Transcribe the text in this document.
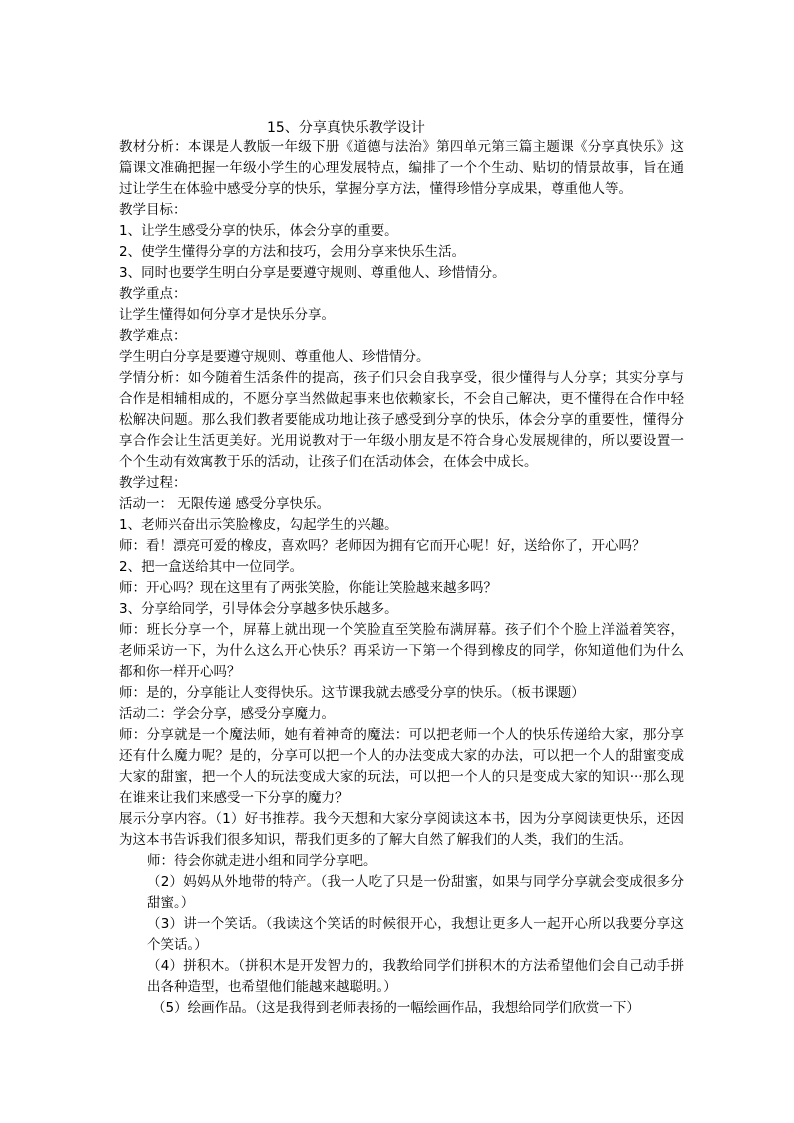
15、分享真快乐教学设计

教材分析：本课是人教版一年级下册《道德与法治》第四单元第三篇主题课《分享真快乐》这篇课文准确把握一年级小学生的心理发展特点，编排了一个个生动、贴切的情景故事，旨在通过让学生在体验中感受分享的快乐，掌握分享方法，懂得珍惜分享成果，尊重他人等。

教学目标：
1、让学生感受分享的快乐，体会分享的重要。
2、使学生懂得分享的方法和技巧，会用分享来快乐生活。
3、同时也要学生明白分享是要遵守规则、尊重他人、珍惜情分。
教学重点：
让学生懂得如何分享才是快乐分享。
教学难点：
学生明白分享是要遵守规则、尊重他人、珍惜情分。

学情分析：如今随着生活条件的提高，孩子们只会自我享受，很少懂得与人分享；其实分享与合作是相辅相成的，不愿分享当然做起事来也依赖家长，不会自己解决，更不懂得在合作中轻松解决问题。那么我们教者要能成功地让孩子感受到分享的快乐，体会分享的重要性，懂得分享合作会让生活更美好。光用说教对于一年级小朋友是不符合身心发展规律的，所以要设置一个个生动有效寓教于乐的活动，让孩子们在活动体会，在体会中成长。

教学过程：
活动一： 无限传递 感受分享快乐。
1、老师兴奋出示笑脸橡皮，勾起学生的兴趣。
师：看！漂亮可爱的橡皮，喜欢吗？老师因为拥有它而开心呢！好，送给你了，开心吗？
2、把一盒送给其中一位同学。
师：开心吗？现在这里有了两张笑脸，你能让笑脸越来越多吗？
3、分享给同学，引导体会分享越多快乐越多。

师：班长分享一个，屏幕上就出现一个笑脸直至笑脸布满屏幕。孩子们个个脸上洋溢着笑容，老师采访一下，为什么这么开心快乐？再采访一下第一个得到橡皮的同学，你知道他们为什么都和你一样开心吗？

师：是的，分享能让人变得快乐。这节课我就去感受分享的快乐。（板书课题）
活动二：学会分享，感受分享魔力。

师：分享就是一个魔法师，她有着神奇的魔法：可以把老师一个人的快乐传递给大家，那分享还有什么魔力呢？是的，分享可以把一个人的办法变成大家的办法，可以把一个人的甜蜜变成大家的甜蜜，把一个人的玩法变成大家的玩法，可以把一个人的只是变成大家的知识···那么现在谁来让我们来感受一下分享的魔力？

展示分享内容。（1）好书推荐。我今天想和大家分享阅读这本书，因为分享阅读更快乐，还因为这本书告诉我们很多知识，帮我们更多的了解大自然了解我们的人类，我们的生活。

师：待会你就走进小组和同学分享吧。

（2）妈妈从外地带的特产。（我一人吃了只是一份甜蜜，如果与同学分享就会变成很多分甜蜜。）

（3）讲一个笑话。（我读这个笑话的时候很开心，我想让更多人一起开心所以我要分享这个笑话。）

（4）拼积木。（拼积木是开发智力的，我教给同学们拼积木的方法希望他们会自己动手拼出各种造型，也希望他们能越来越聪明。）

（5）绘画作品。（这是我得到老师表扬的一幅绘画作品，我想给同学们欣赏一下）
